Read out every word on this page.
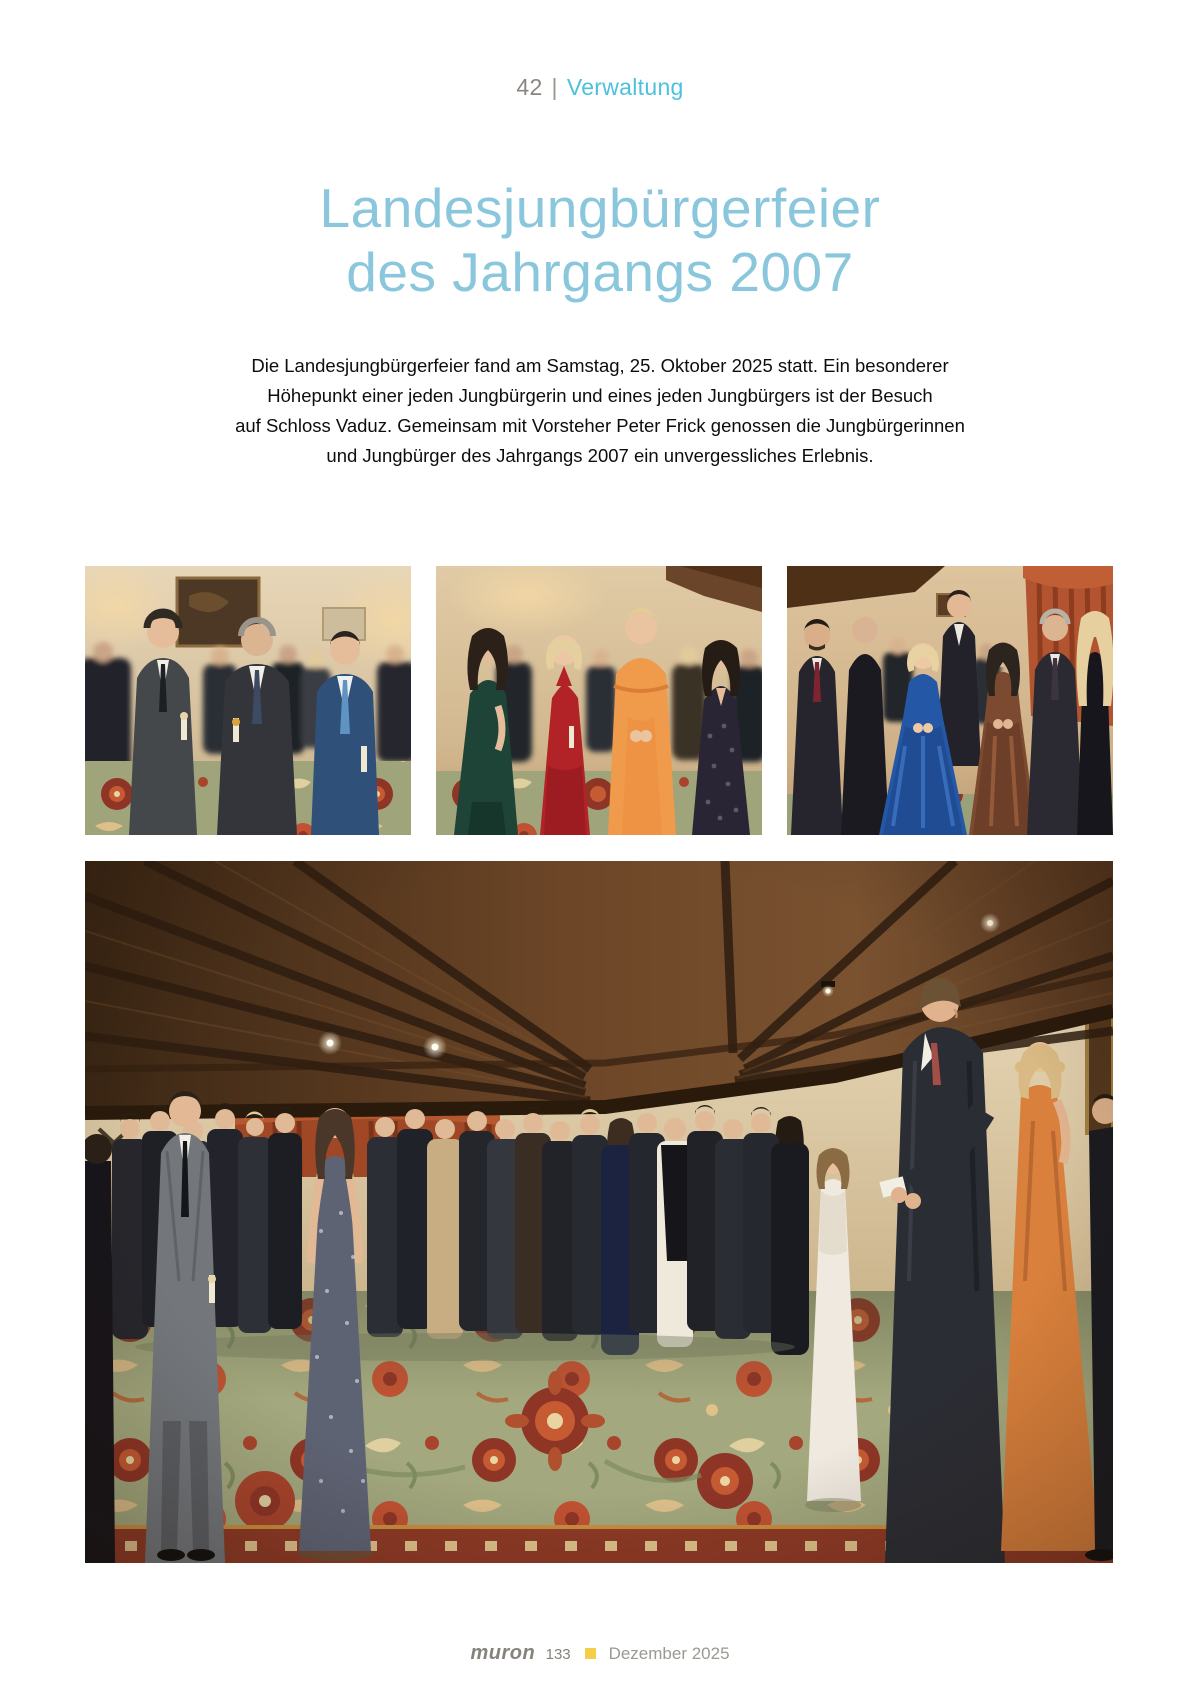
42 | Verwaltung
Landesjungbürgerfeier
des Jahrgangs 2007
Die Landesjungbürgerfeier fand am Samstag, 25. Oktober 2025 statt. Ein besonderer
Höhepunkt einer jeden Jungbürgerin und eines jeden Jungbürgers ist der Besuch
auf Schloss Vaduz. Gemeinsam mit Vorsteher Peter Frick genossen die Jungbürgerinnen
und Jungbürger des Jahrgangs 2007 ein unvergessliches Erlebnis.
muron 133 Dezember 2025
